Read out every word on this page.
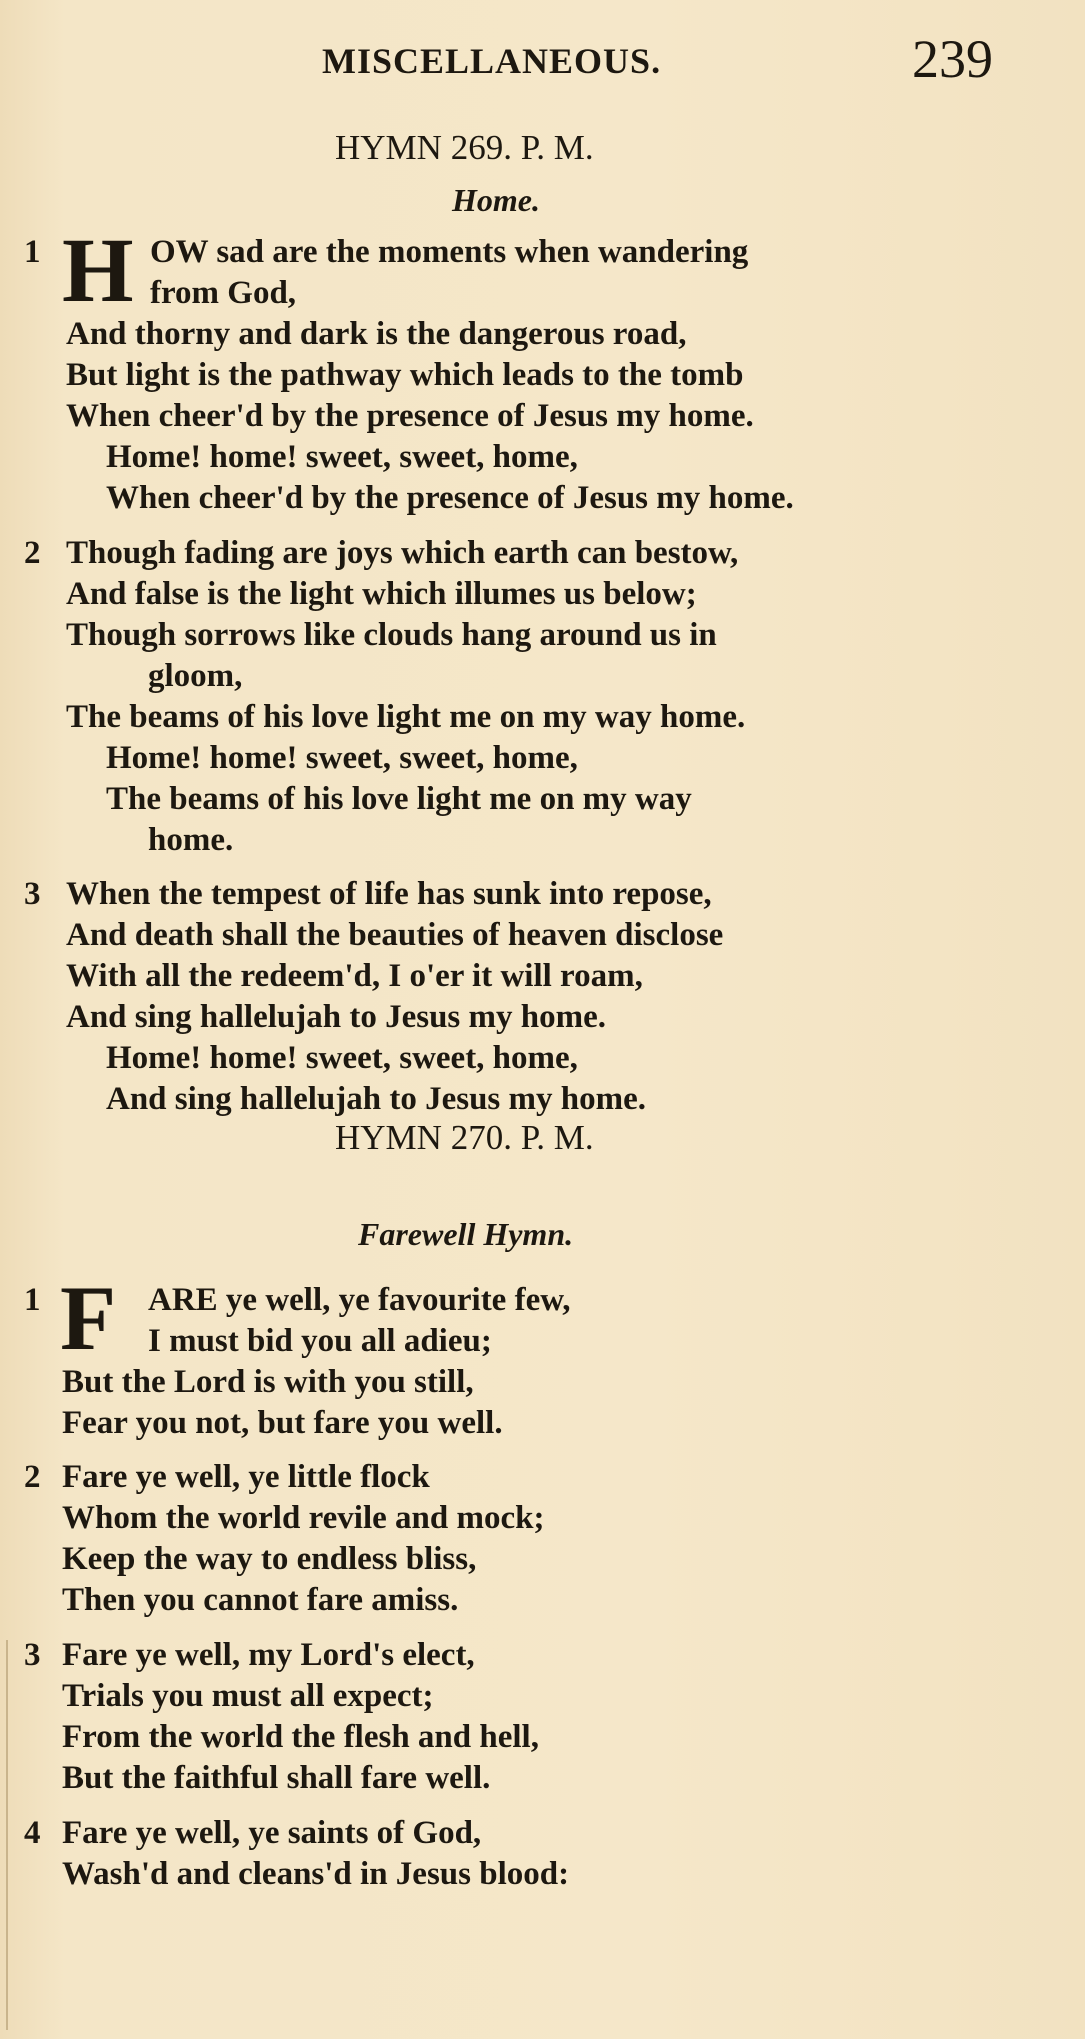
MISCELLANEOUS.	239
HYMN 269. P. M.
Home.
1 H OW sad are the moments when wandering
from God,
And thorny and dark is the dangerous road,
But light is the pathway which leads to the tomb
When cheer'd by the presence of Jesus my home.
Home! home! sweet, sweet, home,
When cheer'd by the presence of Jesus my home.
2 Though fading are joys which earth can bestow,
And false is the light which illumes us below;
Though sorrows like clouds hang around us in
gloom,
The beams of his love light me on my way home.
Home! home! sweet, sweet, home,
The beams of his love light me on my way
home.
3 When the tempest of life has sunk into repose,
And death shall the beauties of heaven disclose
With all the redeem'd, I o'er it will roam,
And sing hallelujah to Jesus my home.
Home! home! sweet, sweet, home,
And sing hallelujah to Jesus my home.
HYMN 270. P. M.
Farewell Hymn.
1 F ARE ye well, ye favourite few,
I must bid you all adieu;
But the Lord is with you still,
Fear you not, but fare you well.
2 Fare ye well, ye little flock
Whom the world revile and mock;
Keep the way to endless bliss,
Then you cannot fare amiss.
3 Fare ye well, my Lord's elect,
Trials you must all expect;
From the world the flesh and hell,
But the faithful shall fare well.
4 Fare ye well, ye saints of God,
Wash'd and cleans'd in Jesus blood:
